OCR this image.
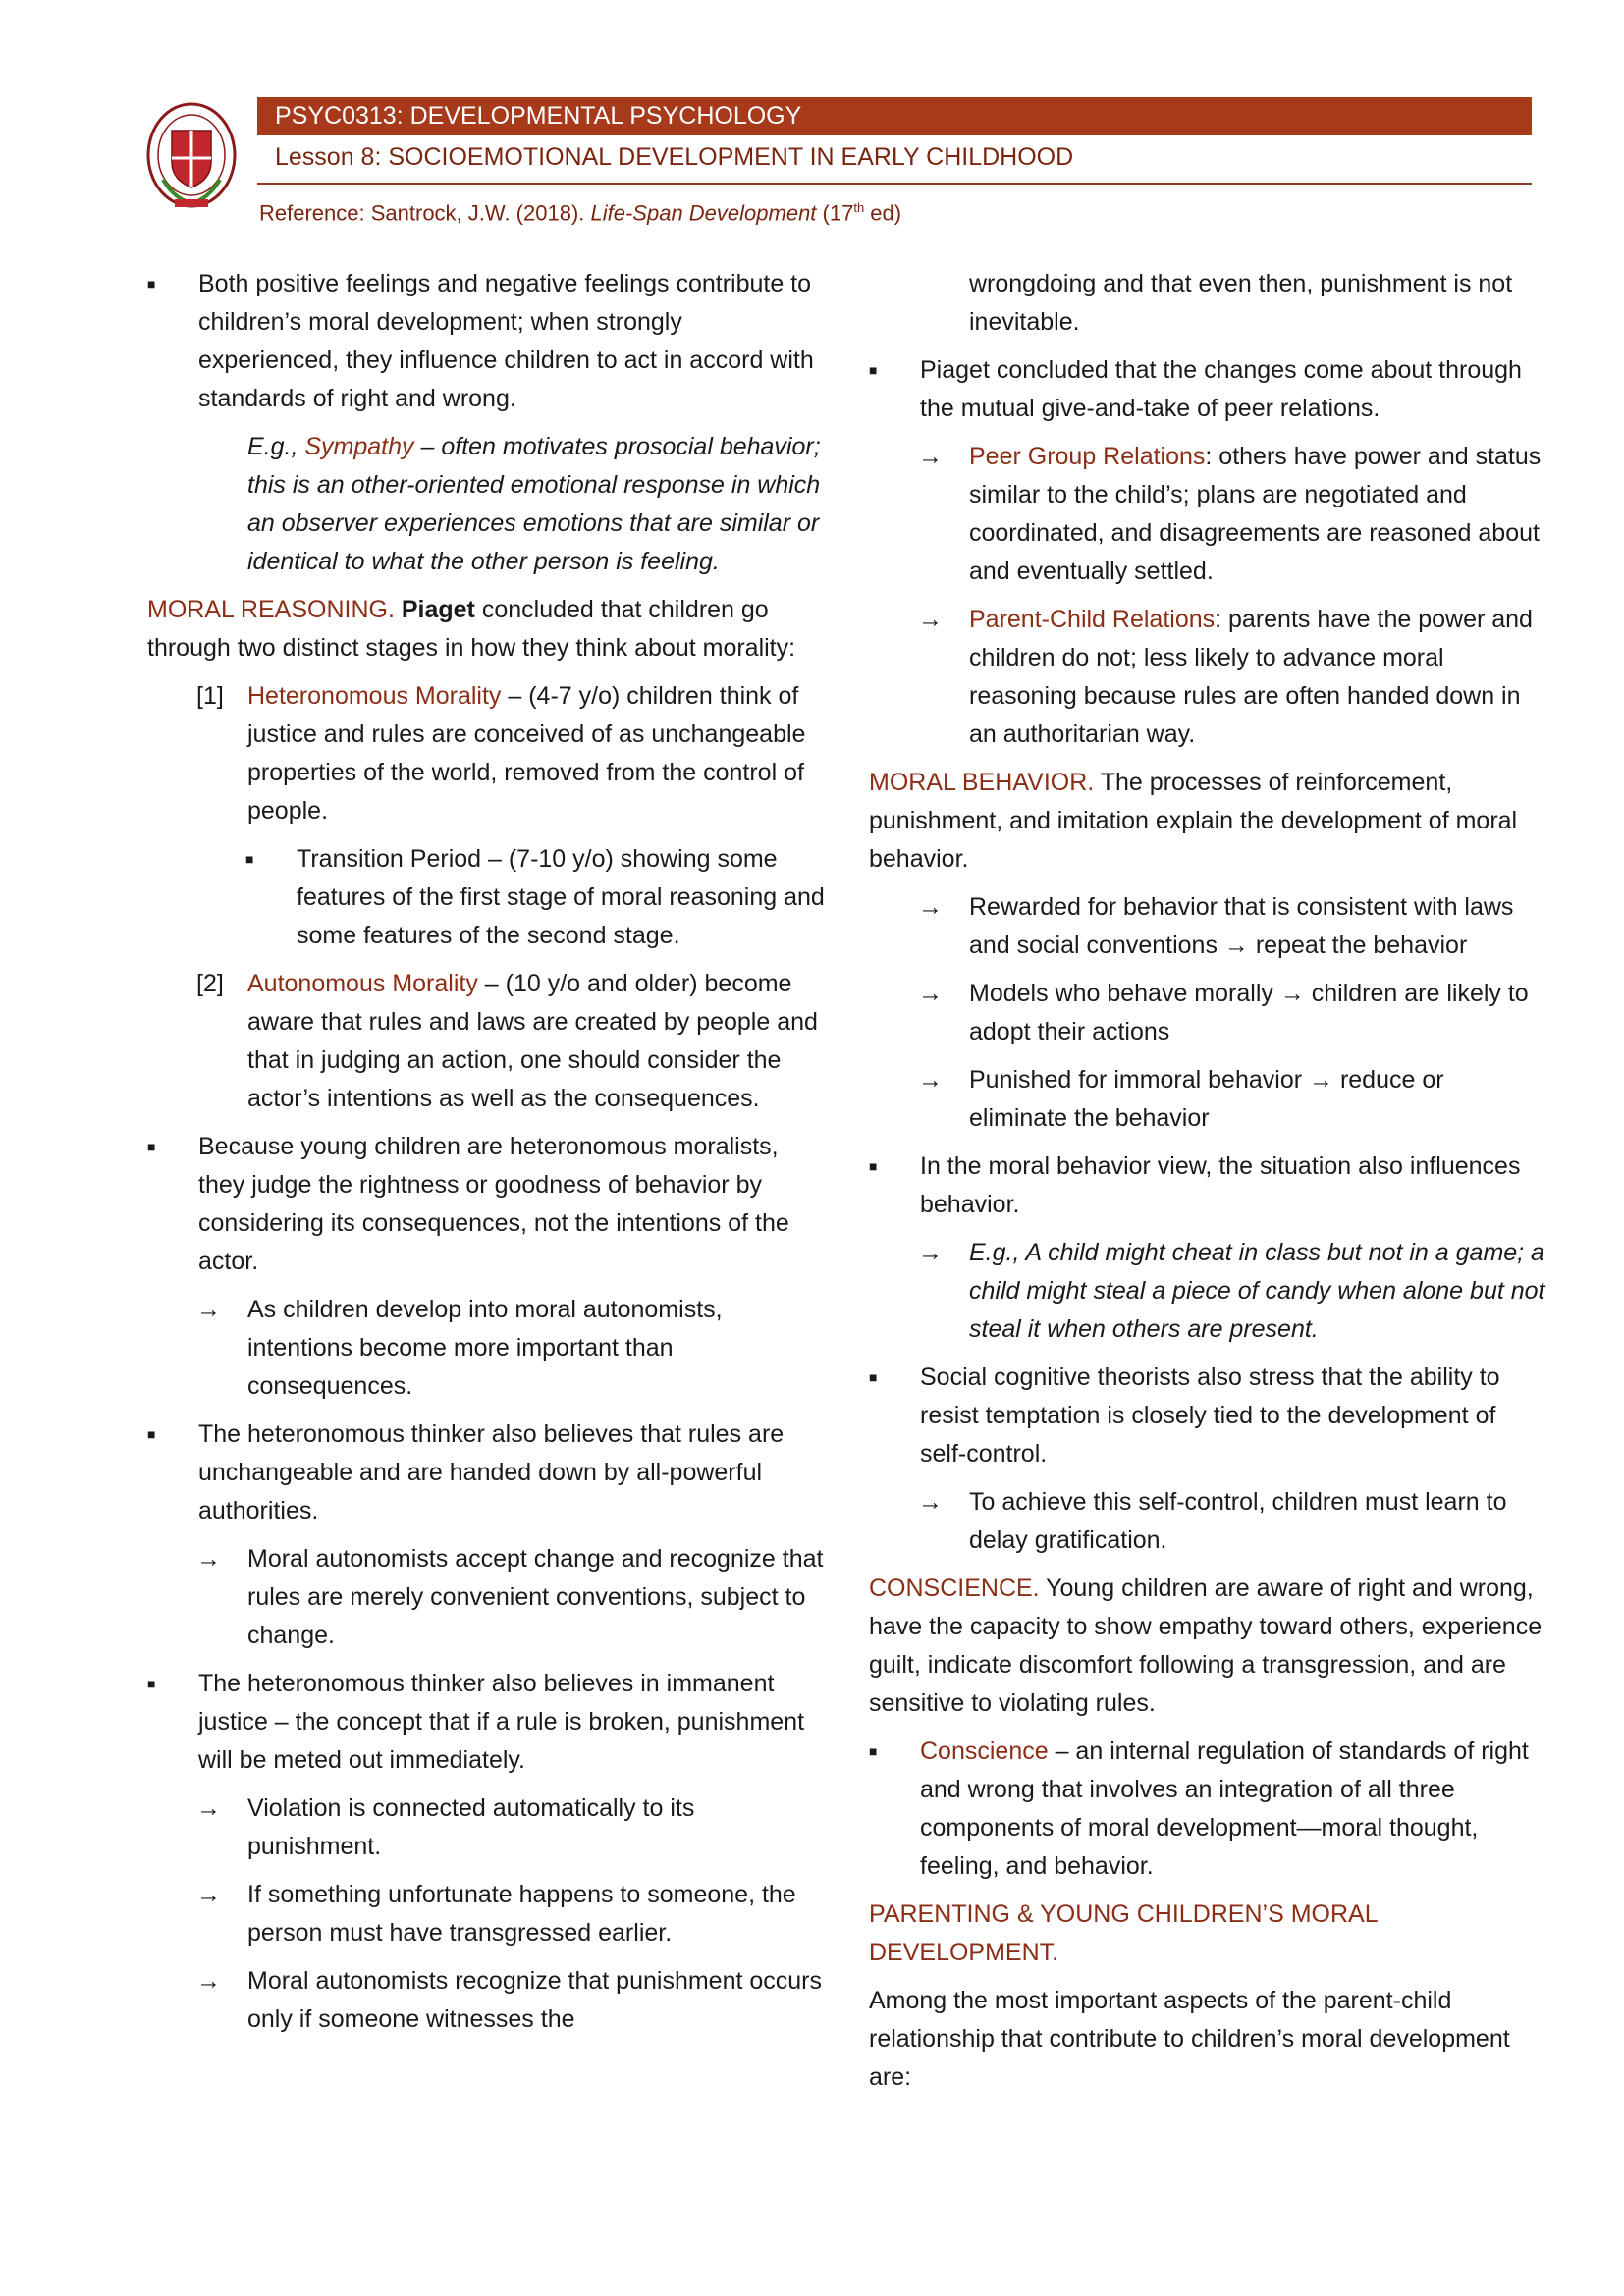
PSYC0313: DEVELOPMENTAL PSYCHOLOGY
Lesson 8: SOCIOEMOTIONAL DEVELOPMENT IN EARLY CHILDHOOD
Reference: Santrock, J.W. (2018). Life-Span Development (17th ed)
■ Both positive feelings and negative feelings contribute to children’s moral development; when strongly experienced, they influence children to act in accord with standards of right and wrong.
E.g., Sympathy – often motivates prosocial behavior; this is an other-oriented emotional response in which an observer experiences emotions that are similar or identical to what the other person is feeling.
MORAL REASONING. Piaget concluded that children go through two distinct stages in how they think about morality:
[1] Heteronomous Morality – (4-7 y/o) children think of justice and rules are conceived of as unchangeable properties of the world, removed from the control of people.
■ Transition Period – (7-10 y/o) showing some features of the first stage of moral reasoning and some features of the second stage.
[2] Autonomous Morality – (10 y/o and older) become aware that rules and laws are created by people and that in judging an action, one should consider the actor’s intentions as well as the consequences.
■ Because young children are heteronomous moralists, they judge the rightness or goodness of behavior by considering its consequences, not the intentions of the actor.
→ As children develop into moral autonomists, intentions become more important than consequences.
■ The heteronomous thinker also believes that rules are unchangeable and are handed down by all-powerful authorities.
→ Moral autonomists accept change and recognize that rules are merely convenient conventions, subject to change.
■ The heteronomous thinker also believes in immanent justice – the concept that if a rule is broken, punishment will be meted out immediately.
→ Violation is connected automatically to its punishment.
→ If something unfortunate happens to someone, the person must have transgressed earlier.
→ Moral autonomists recognize that punishment occurs only if someone witnesses the
wrongdoing and that even then, punishment is not inevitable.
■ Piaget concluded that the changes come about through the mutual give-and-take of peer relations.
→ Peer Group Relations: others have power and status similar to the child’s; plans are negotiated and coordinated, and disagreements are reasoned about and eventually settled.
→ Parent-Child Relations: parents have the power and children do not; less likely to advance moral reasoning because rules are often handed down in an authoritarian way.
MORAL BEHAVIOR. The processes of reinforcement, punishment, and imitation explain the development of moral behavior.
→ Rewarded for behavior that is consistent with laws and social conventions → repeat the behavior
→ Models who behave morally → children are likely to adopt their actions
→ Punished for immoral behavior → reduce or eliminate the behavior
■ In the moral behavior view, the situation also influences behavior.
→ E.g., A child might cheat in class but not in a game; a child might steal a piece of candy when alone but not steal it when others are present.
■ Social cognitive theorists also stress that the ability to resist temptation is closely tied to the development of self-control.
→ To achieve this self-control, children must learn to delay gratification.
CONSCIENCE. Young children are aware of right and wrong, have the capacity to show empathy toward others, experience guilt, indicate discomfort following a transgression, and are sensitive to violating rules.
■ Conscience – an internal regulation of standards of right and wrong that involves an integration of all three components of moral development—moral thought, feeling, and behavior.
PARENTING & YOUNG CHILDREN’S MORAL DEVELOPMENT.
Among the most important aspects of the parent-child relationship that contribute to children’s moral development are:
